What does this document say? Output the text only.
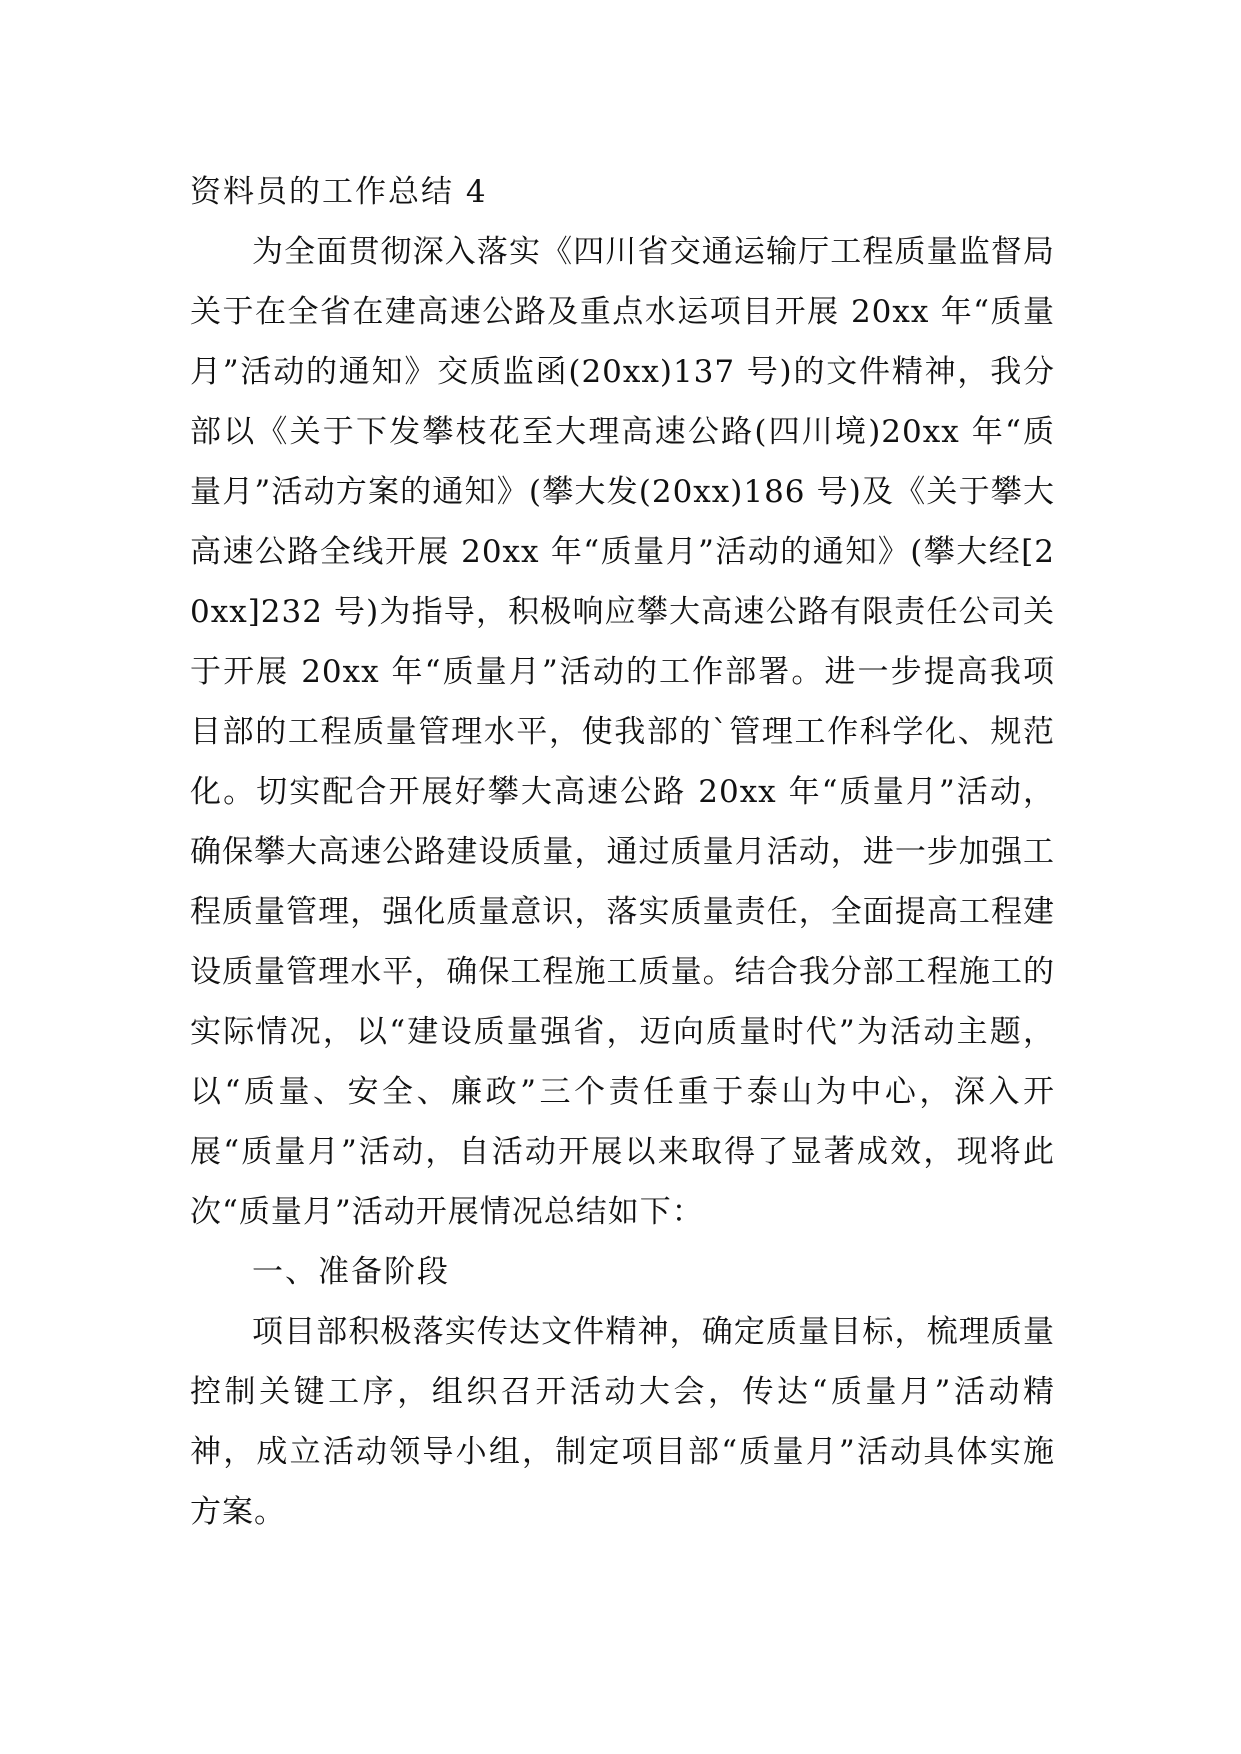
资料员的工作总结 4

为全面贯彻深入落实《四川省交通运输厅工程质量监督局关于在全省在建高速公路及重点水运项目开展 20xx 年“质量月”活动的通知》交质监函(20xx)137 号)的文件精神，我分部以《关于下发攀枝花至大理高速公路(四川境)20xx 年“质量月”活动方案的通知》(攀大发(20xx)186 号)及《关于攀大高速公路全线开展 20xx 年“质量月”活动的通知》(攀大经[20xx]232 号)为指导，积极响应攀大高速公路有限责任公司关于开展 20xx 年“质量月”活动的工作部署。进一步提高我项目部的工程质量管理水平，使我部的`管理工作科学化、规范化。切实配合开展好攀大高速公路 20xx 年“质量月”活动，确保攀大高速公路建设质量，通过质量月活动，进一步加强工程质量管理，强化质量意识，落实质量责任，全面提高工程建设质量管理水平，确保工程施工质量。结合我分部工程施工的实际情况，以“建设质量强省，迈向质量时代”为活动主题，以“质量、安全、廉政”三个责任重于泰山为中心，深入开展“质量月”活动，自活动开展以来取得了显著成效，现将此次“质量月”活动开展情况总结如下：

一、准备阶段

项目部积极落实传达文件精神，确定质量目标，梳理质量控制关键工序，组织召开活动大会，传达“质量月”活动精神，成立活动领导小组，制定项目部“质量月”活动具体实施方案。
